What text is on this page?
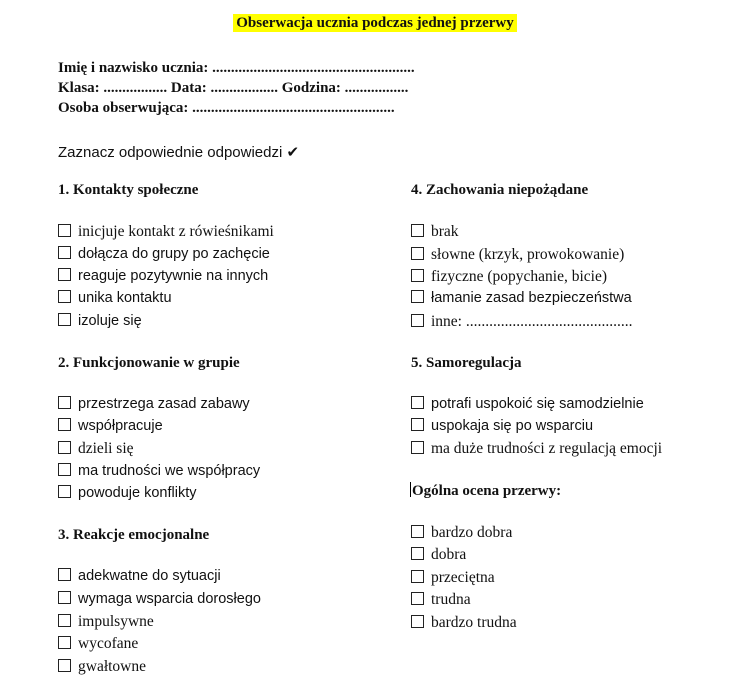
Obserwacja ucznia podczas jednej przerwy
Imię i nazwisko ucznia: ......................................................
Klasa: ................. Data: .................. Godzina: .................
Osoba obserwująca: ......................................................
Zaznacz odpowiednie odpowiedzi ✔
1. Kontakty społeczne
inicjuje kontakt z rówieśnikami
dołącza do grupy po zachęcie
reaguje pozytywnie na innych
unika kontaktu
izoluje się
2. Funkcjonowanie w grupie
przestrzega zasad zabawy
współpracuje
dzieli się
ma trudności we współpracy
powoduje konflikty
3. Reakcje emocjonalne
adekwatne do sytuacji
wymaga wsparcia dorosłego
impulsywne
wycofane
gwałtowne
4. Zachowania niepożądane
brak
słowne (krzyk, prowokowanie)
fizyczne (popychanie, bicie)
łamanie zasad bezpieczeństwa
inne: ...........................................
5. Samoregulacja
potrafi uspokoić się samodzielnie
uspokaja się po wsparciu
ma duże trudności z regulacją emocji
Ogólna ocena przerwy:
bardzo dobra
dobra
przeciętna
trudna
bardzo trudna
